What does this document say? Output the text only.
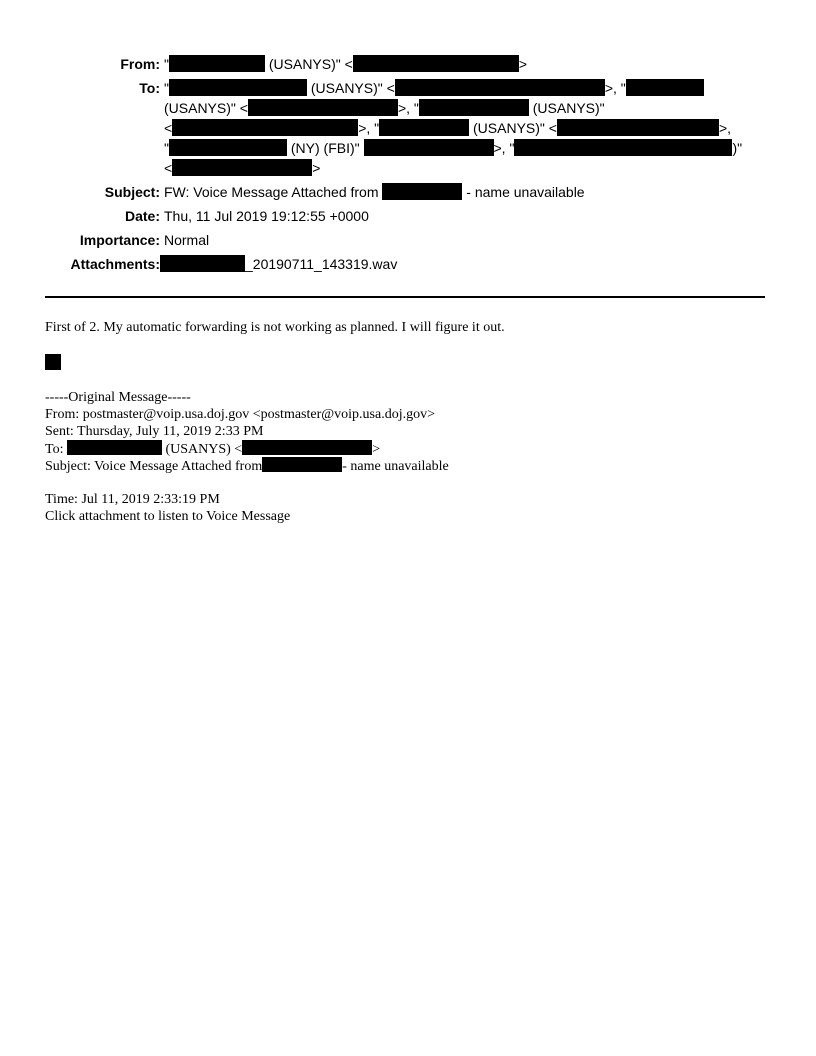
From: "	(USANYS)" <	>
To: "	(USANYS)" <	>, "
(USANYS)" <	>, "	(USANYS)"
<	>, "	(USANYS)" <	>,
"	(NY) (FBI)"	>, "	)"
<	>
Subject: FW: Voice Message Attached from	- name unavailable
Date: Thu, 11 Jul 2019 19:12:55 +0000
Importance: Normal
Attachments:	_20190711_143319.wav
First of 2. My automatic forwarding is not working as planned. I will figure it out.
-----Original Message-----
From: postmaster@voip.usa.doj.gov <postmaster@voip.usa.doj.gov>
Sent: Thursday, July 11, 2019 2:33 PM
To:	(USANYS) <	>
Subject: Voice Message Attached from	- name unavailable
Time: Jul 11, 2019 2:33:19 PM
Click attachment to listen to Voice Message
